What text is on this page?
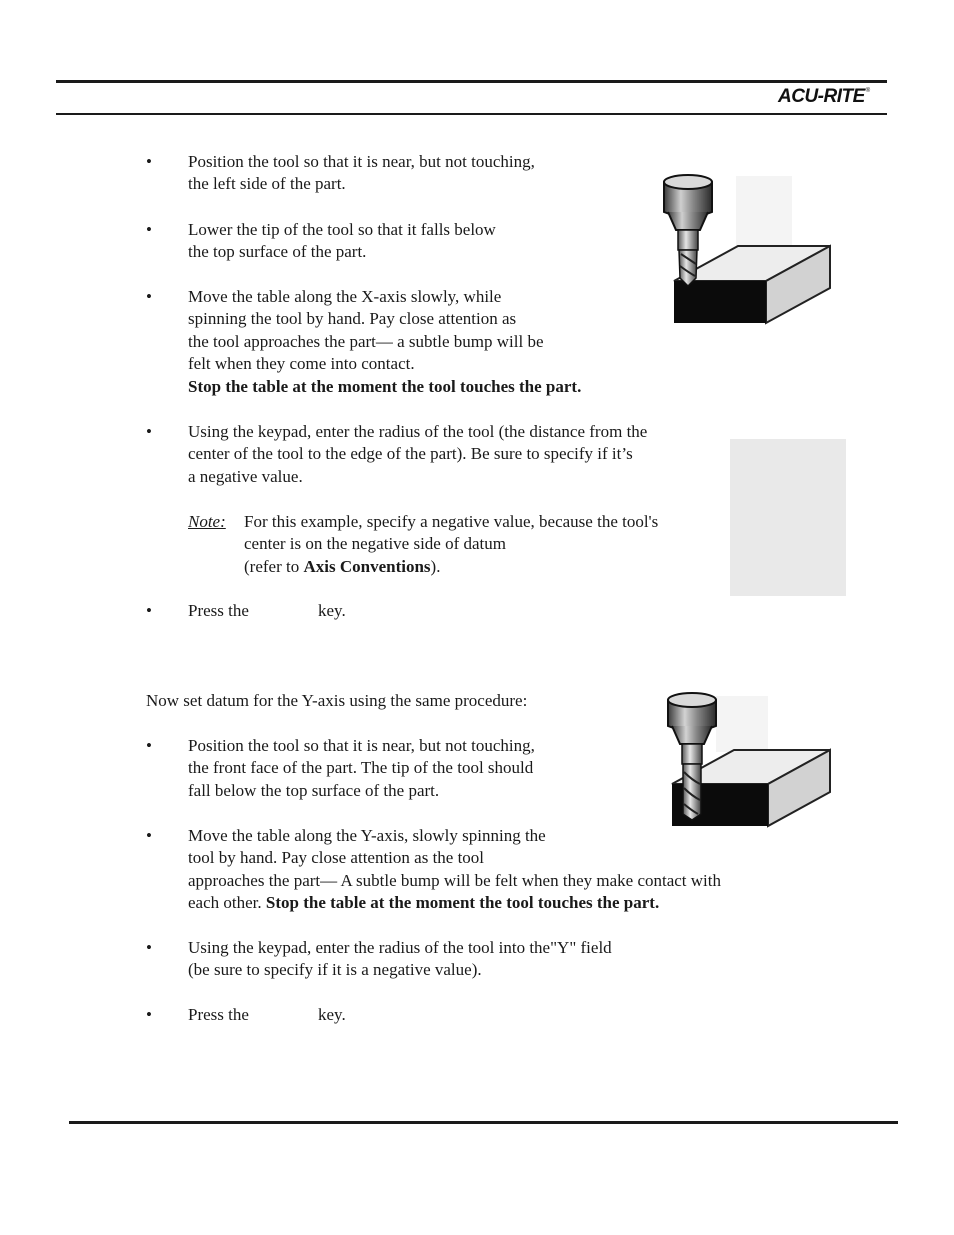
ACU-RITE®
• Position the tool so that it is near, but not touching,
the left side of the part.
• Lower the tip of the tool so that it falls below
the top surface of the part.
• Move the table along the X-axis slowly, while
spinning the tool by hand. Pay close attention as
the tool approaches the part— a subtle bump will be
felt when they come into contact.
Stop the table at the moment the tool touches the part.
• Using the keypad, enter the radius of the tool (the distance from the
center of the tool to the edge of the part). Be sure to specify if it’s
a negative value.
Note: For this example, specify a negative value, because the tool's
center is on the negative side of datum
(refer to Axis Conventions).
• Press the	key.
Now set datum for the Y-axis using the same procedure:
• Position the tool so that it is near, but not touching,
the front face of the part. The tip of the tool should
fall below the top surface of the part.
• Move the table along the Y-axis, slowly spinning the
tool by hand. Pay close attention as the tool
approaches the part— A subtle bump will be felt when they make contact with
each other. Stop the table at the moment the tool touches the part.
• Using the keypad, enter the radius of the tool into the"Y" field
(be sure to specify if it is a negative value).
• Press the	key.
